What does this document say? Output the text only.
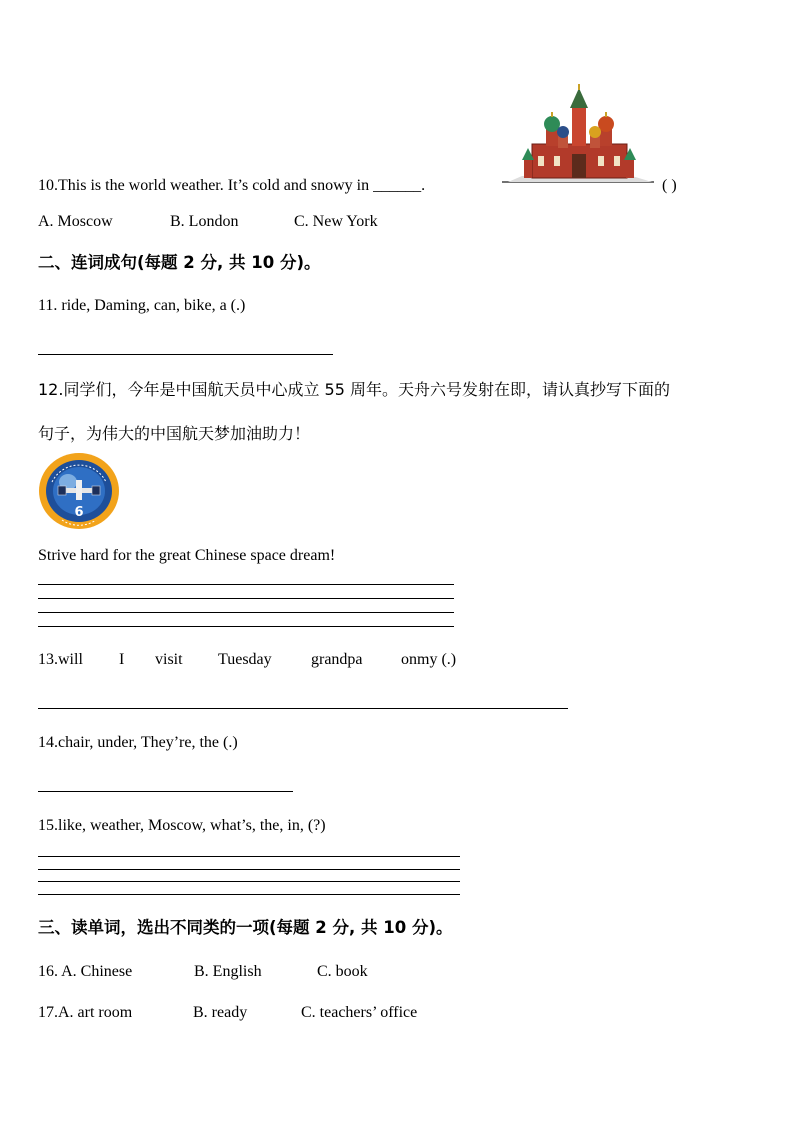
10.This is the world weather. It’s cold and snowy in ______.	( )
A. Moscow	B. London	C. New York
二、连词成句(每题 2 分, 共 10 分)。
11. ride, Daming, can, bike, a (.)
12.同学们，今年是中国航天员中心成立 55 周年。天舟六号发射在即，请认真抄写下面的
句子，为伟大的中国航天梦加油助力！
6
Strive hard for the great Chinese space dream!
13.will I visit Tuesday grandpa onmy (.)
14.chair, under, They’re, the (.)
15.like, weather, Moscow, what’s, the, in, (?)
三、读单词，选出不同类的一项(每题 2 分, 共 10 分)。
16. A. Chinese	B. English	C. book
17.A. art room	B. ready	C. teachers’ office
